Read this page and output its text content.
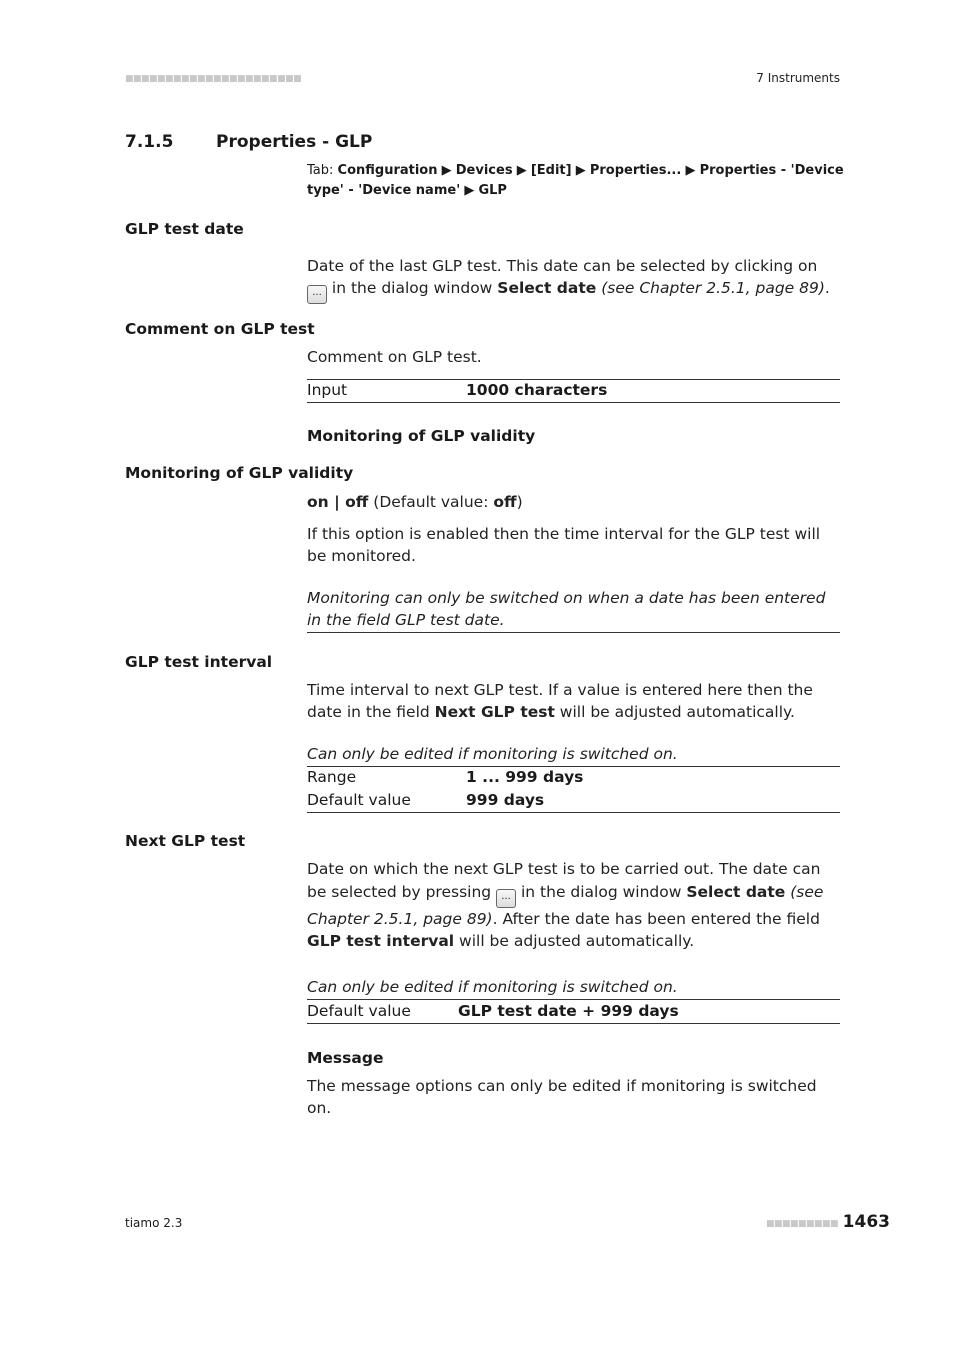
■■■■■■■■■■■■■■■■■■■■■■	7 Instruments
7.1.5	Properties - GLP
Tab: Configuration ▶ Devices ▶ [Edit] ▶ Properties... ▶ Properties - 'Device type' - 'Device name' ▶ GLP
GLP test date
Date of the last GLP test. This date can be selected by clicking on ... in the dialog window Select date (see Chapter 2.5.1, page 89).
Comment on GLP test
Comment on GLP test.
Input	1000 characters
Monitoring of GLP validity
Monitoring of GLP validity
on | off (Default value: off)
If this option is enabled then the time interval for the GLP test will be monitored.
Monitoring can only be switched on when a date has been entered in the field GLP test date.
GLP test interval
Time interval to next GLP test. If a value is entered here then the date in the field Next GLP test will be adjusted automatically.
Can only be edited if monitoring is switched on.
Range	1 ... 999 days
Default value	999 days
Next GLP test
Date on which the next GLP test is to be carried out. The date can be selected by pressing ... in the dialog window Select date (see Chapter 2.5.1, page 89). After the date has been entered the field GLP test interval will be adjusted automatically.
Can only be edited if monitoring is switched on.
Default value	GLP test date + 999 days
Message
The message options can only be edited if monitoring is switched on.
tiamo 2.3	■■■■■■■■■ 1463
